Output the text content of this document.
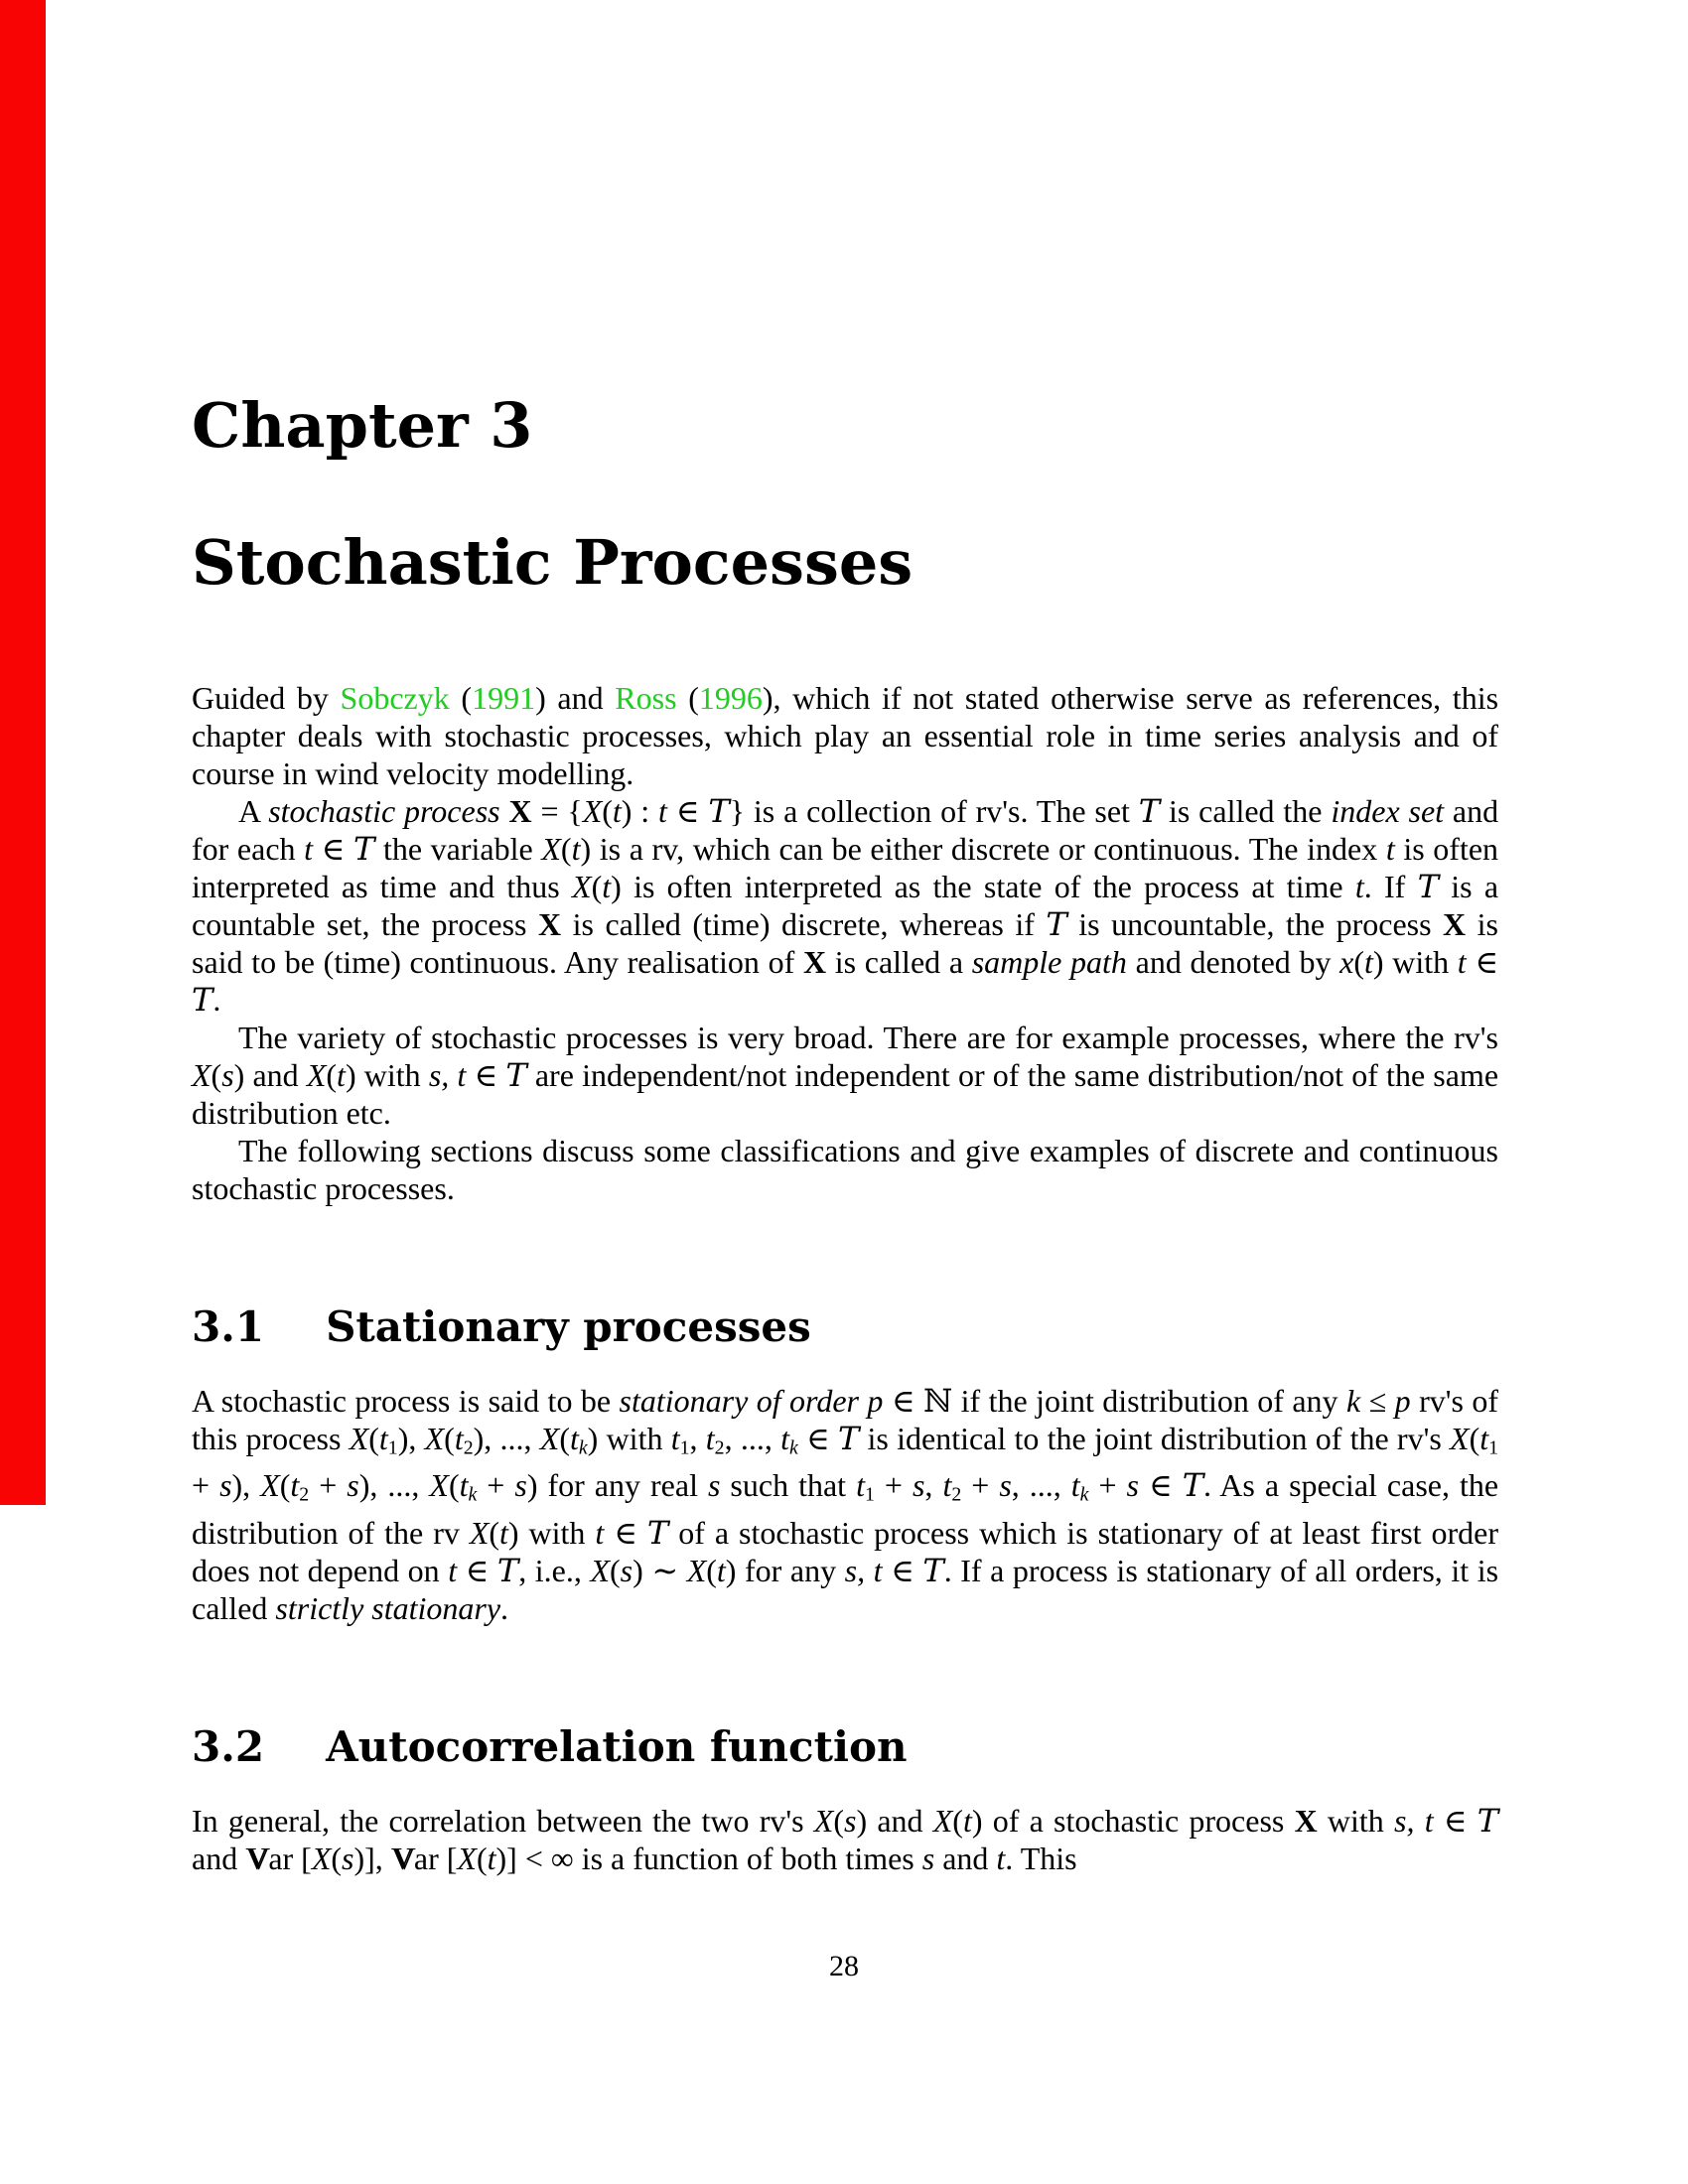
Chapter 3
Stochastic Processes

Guided by Sobczyk (1991) and Ross (1996), which if not stated otherwise serve as references, this chapter deals with stochastic processes, which play an essential role in time series analysis and of course in wind velocity modelling.

A stochastic process X = {X(t) : t ∈ T} is a collection of rv's. The set T is called the index set and for each t ∈ T the variable X(t) is a rv, which can be either discrete or continuous. The index t is often interpreted as time and thus X(t) is often interpreted as the state of the process at time t. If T is a countable set, the process X is called (time) discrete, whereas if T is uncountable, the process X is said to be (time) continuous. Any realisation of X is called a sample path and denoted by x(t) with t ∈ T.

The variety of stochastic processes is very broad. There are for example processes, where the rv's X(s) and X(t) with s, t ∈ T are independent/not independent or of the same distribution/not of the same distribution etc.

The following sections discuss some classifications and give examples of discrete and continuous stochastic processes.

3.1 Stationary processes

A stochastic process is said to be stationary of order p ∈ ℕ if the joint distribution of any k ≤ p rv's of this process X(t1), X(t2), ..., X(tk) with t1, t2, ..., tk ∈ T is identical to the joint distribution of the rv's X(t1 + s), X(t2 + s), ..., X(tk + s) for any real s such that t1 + s, t2 + s, ..., tk + s ∈ T. As a special case, the distribution of the rv X(t) with t ∈ T of a stochastic process which is stationary of at least first order does not depend on t ∈ T, i.e., X(s) ∼ X(t) for any s, t ∈ T. If a process is stationary of all orders, it is called strictly stationary.

3.2 Autocorrelation function

In general, the correlation between the two rv's X(s) and X(t) of a stochastic process X with s, t ∈ T and V Var [X(s)], V Var [X(t)] < ∞ is a function of both times s and t. This

28
